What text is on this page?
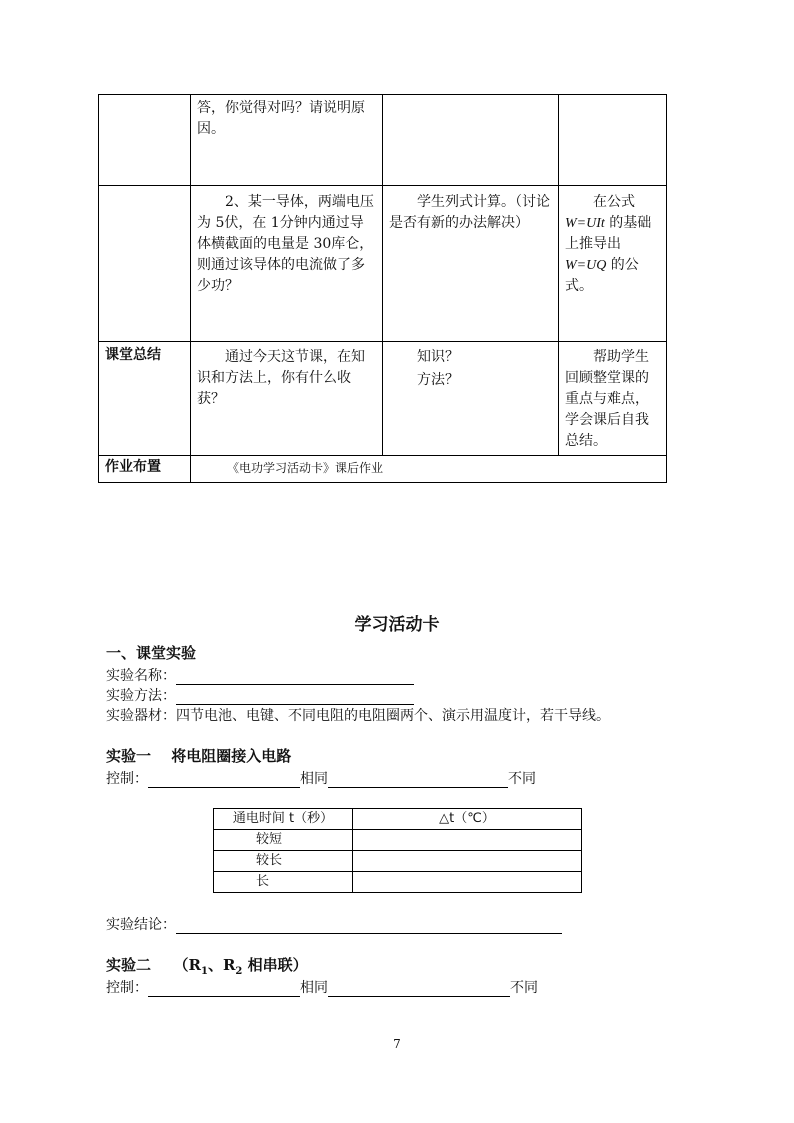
	答，你觉得对吗？请说明原因。		
	2、某一导体，两端电压为 5伏，在 1分钟内通过导体横截面的电量是 30库仑，则通过该导体的电流做了多少功？	学生列式计算。（讨论是否有新的办法解决）	在公式
W=UIt 的基础上推导出
W=UQ 的公式。

课堂总结	通过今天这节课，在知识和方法上，你有什么收获？	知识？
方法？	帮助学生回顾整堂课的重点与难点，学会课后自我总结。
作业布置	《电功学习活动卡》课后作业		
学习活动卡
一、课堂实验
实验名称：
实验方法：
实验器材：四节电池、电键、不同电阻的电阻圈两个、演示用温度计，若干导线。
实验一　 将电阻圈接入电路
控制：	相同	不同
通电时间 t（秒）	△t（℃）
较短	
较长	
长	
实验结论：
实验二　　（$R_1$、$R_2$ 相串联）
控制：	相同	不同
7
